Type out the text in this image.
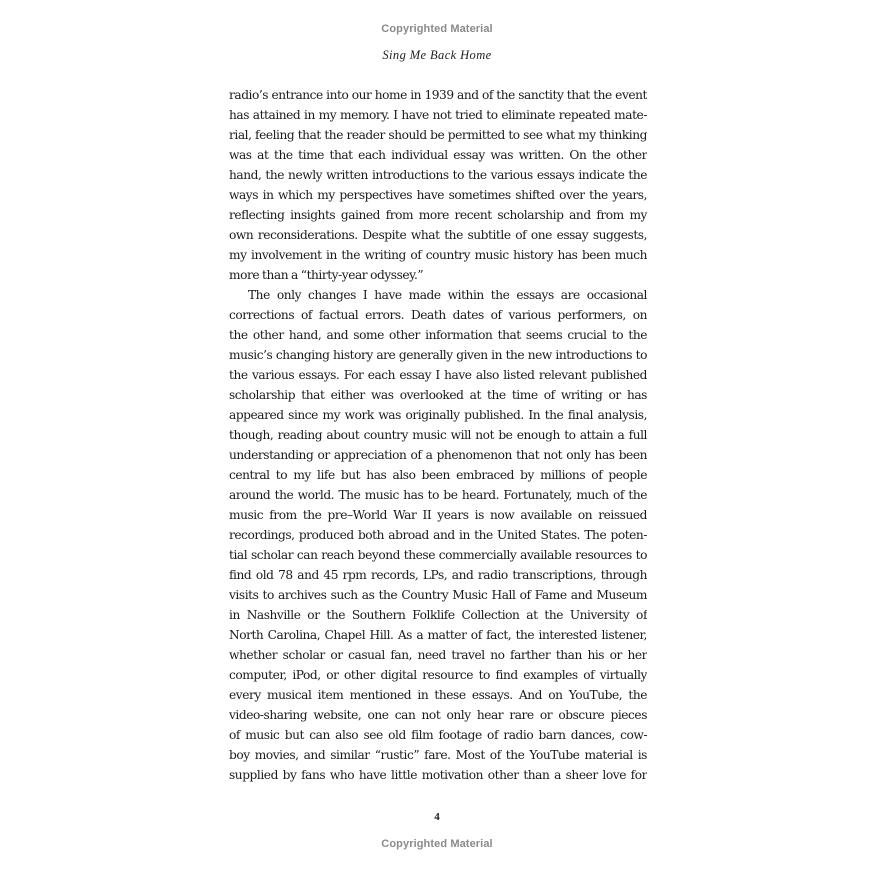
Copyrighted Material
Sing Me Back Home
radio’s entrance into our home in 1939 and of the sanctity that the event
has attained in my memory. I have not tried to eliminate repeated mate-
rial, feeling that the reader should be permitted to see what my thinking
was at the time that each individual essay was written. On the other
hand, the newly written introductions to the various essays indicate the
ways in which my perspectives have sometimes shifted over the years,
reflecting insights gained from more recent scholarship and from my
own reconsiderations. Despite what the subtitle of one essay suggests,
my involvement in the writing of country music history has been much
more than a “thirty-year odyssey.”
The only changes I have made within the essays are occasional
corrections of factual errors. Death dates of various performers, on
the other hand, and some other information that seems crucial to the
music’s changing history are generally given in the new introductions to
the various essays. For each essay I have also listed relevant published
scholarship that either was overlooked at the time of writing or has
appeared since my work was originally published. In the final analysis,
though, reading about country music will not be enough to attain a full
understanding or appreciation of a phenomenon that not only has been
central to my life but has also been embraced by millions of people
around the world. The music has to be heard. Fortunately, much of the
music from the pre–World War II years is now available on reissued
recordings, produced both abroad and in the United States. The poten-
tial scholar can reach beyond these commercially available resources to
find old 78 and 45 rpm records, LPs, and radio transcriptions, through
visits to archives such as the Country Music Hall of Fame and Museum
in Nashville or the Southern Folklife Collection at the University of
North Carolina, Chapel Hill. As a matter of fact, the interested listener,
whether scholar or casual fan, need travel no farther than his or her
computer, iPod, or other digital resource to find examples of virtually
every musical item mentioned in these essays. And on YouTube, the
video-sharing website, one can not only hear rare or obscure pieces
of music but can also see old film footage of radio barn dances, cow-
boy movies, and similar “rustic” fare. Most of the YouTube material is
supplied by fans who have little motivation other than a sheer love for
4
Copyrighted Material
